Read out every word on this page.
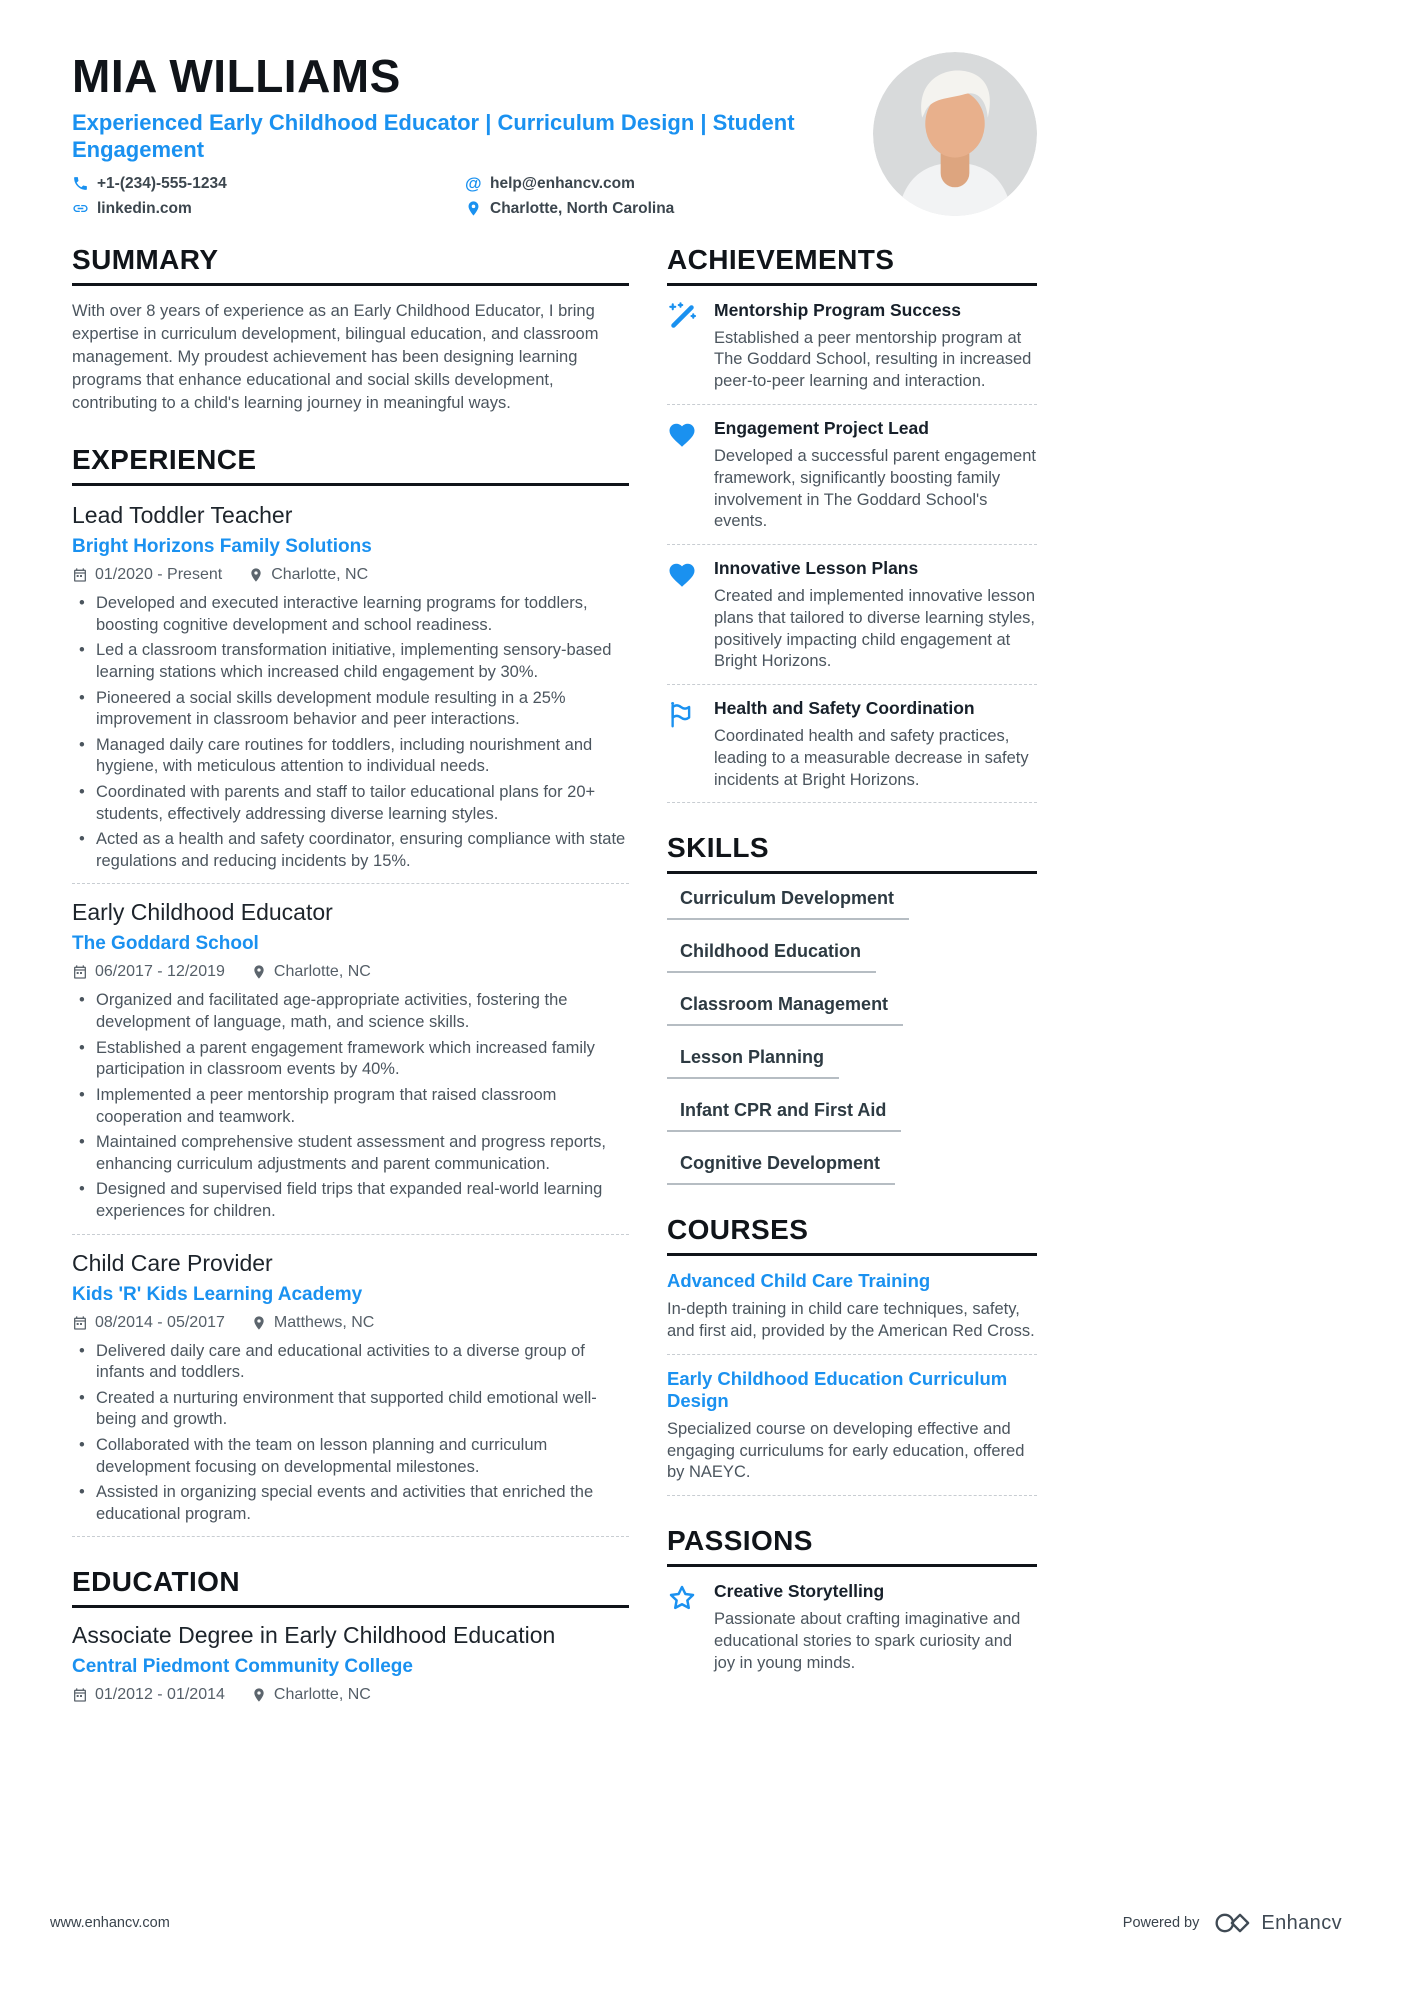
MIA WILLIAMS
Experienced Early Childhood Educator | Curriculum Design | Student Engagement
+1-(234)-555-1234	@ help@enhancv.com
linkedin.com	Charlotte, North Carolina
SUMMARY

With over 8 years of experience as an Early Childhood Educator, I bring expertise in curriculum development, bilingual education, and classroom management. My proudest achievement has been designing learning programs that enhance educational and social skills development, contributing to a child's learning journey in meaningful ways.

EXPERIENCE
Lead Toddler Teacher
Bright Horizons Family Solutions
01/2020 - Present	Charlotte, NC
• Developed and executed interactive learning programs for toddlers, boosting cognitive development and school readiness.
• Led a classroom transformation initiative, implementing sensory-based learning stations which increased child engagement by 30%.
• Pioneered a social skills development module resulting in a 25% improvement in classroom behavior and peer interactions.
• Managed daily care routines for toddlers, including nourishment and hygiene, with meticulous attention to individual needs.
• Coordinated with parents and staff to tailor educational plans for 20+ students, effectively addressing diverse learning styles.
• Acted as a health and safety coordinator, ensuring compliance with state regulations and reducing incidents by 15%.
Early Childhood Educator
The Goddard School
06/2017 - 12/2019	Charlotte, NC
• Organized and facilitated age-appropriate activities, fostering the development of language, math, and science skills.
• Established a parent engagement framework which increased family participation in classroom events by 40%.
• Implemented a peer mentorship program that raised classroom cooperation and teamwork.
• Maintained comprehensive student assessment and progress reports, enhancing curriculum adjustments and parent communication.
• Designed and supervised field trips that expanded real-world learning experiences for children.
Child Care Provider
Kids 'R' Kids Learning Academy
08/2014 - 05/2017	Matthews, NC
• Delivered daily care and educational activities to a diverse group of infants and toddlers.
• Created a nurturing environment that supported child emotional well-being and growth.
• Collaborated with the team on lesson planning and curriculum development focusing on developmental milestones.
• Assisted in organizing special events and activities that enriched the educational program.
EDUCATION
Associate Degree in Early Childhood Education
Central Piedmont Community College
01/2012 - 01/2014	Charlotte, NC
ACHIEVEMENTS
Mentorship Program Success
Established a peer mentorship program at The Goddard School, resulting in increased peer-to-peer learning and interaction.
Engagement Project Lead
Developed a successful parent engagement framework, significantly boosting family involvement in The Goddard School's events.
Innovative Lesson Plans
Created and implemented innovative lesson plans that tailored to diverse learning styles, positively impacting child engagement at Bright Horizons.
Health and Safety Coordination
Coordinated health and safety practices, leading to a measurable decrease in safety incidents at Bright Horizons.
SKILLS
Curriculum Development
Childhood Education
Classroom Management
Lesson Planning
Infant CPR and First Aid
Cognitive Development
COURSES
Advanced Child Care Training
In-depth training in child care techniques, safety, and first aid, provided by the American Red Cross.
Early Childhood Education Curriculum Design
Specialized course on developing effective and engaging curriculums for early education, offered by NAEYC.
PASSIONS
Creative Storytelling
Passionate about crafting imaginative and educational stories to spark curiosity and joy in young minds.
www.enhancv.com	Powered by	Enhancv
